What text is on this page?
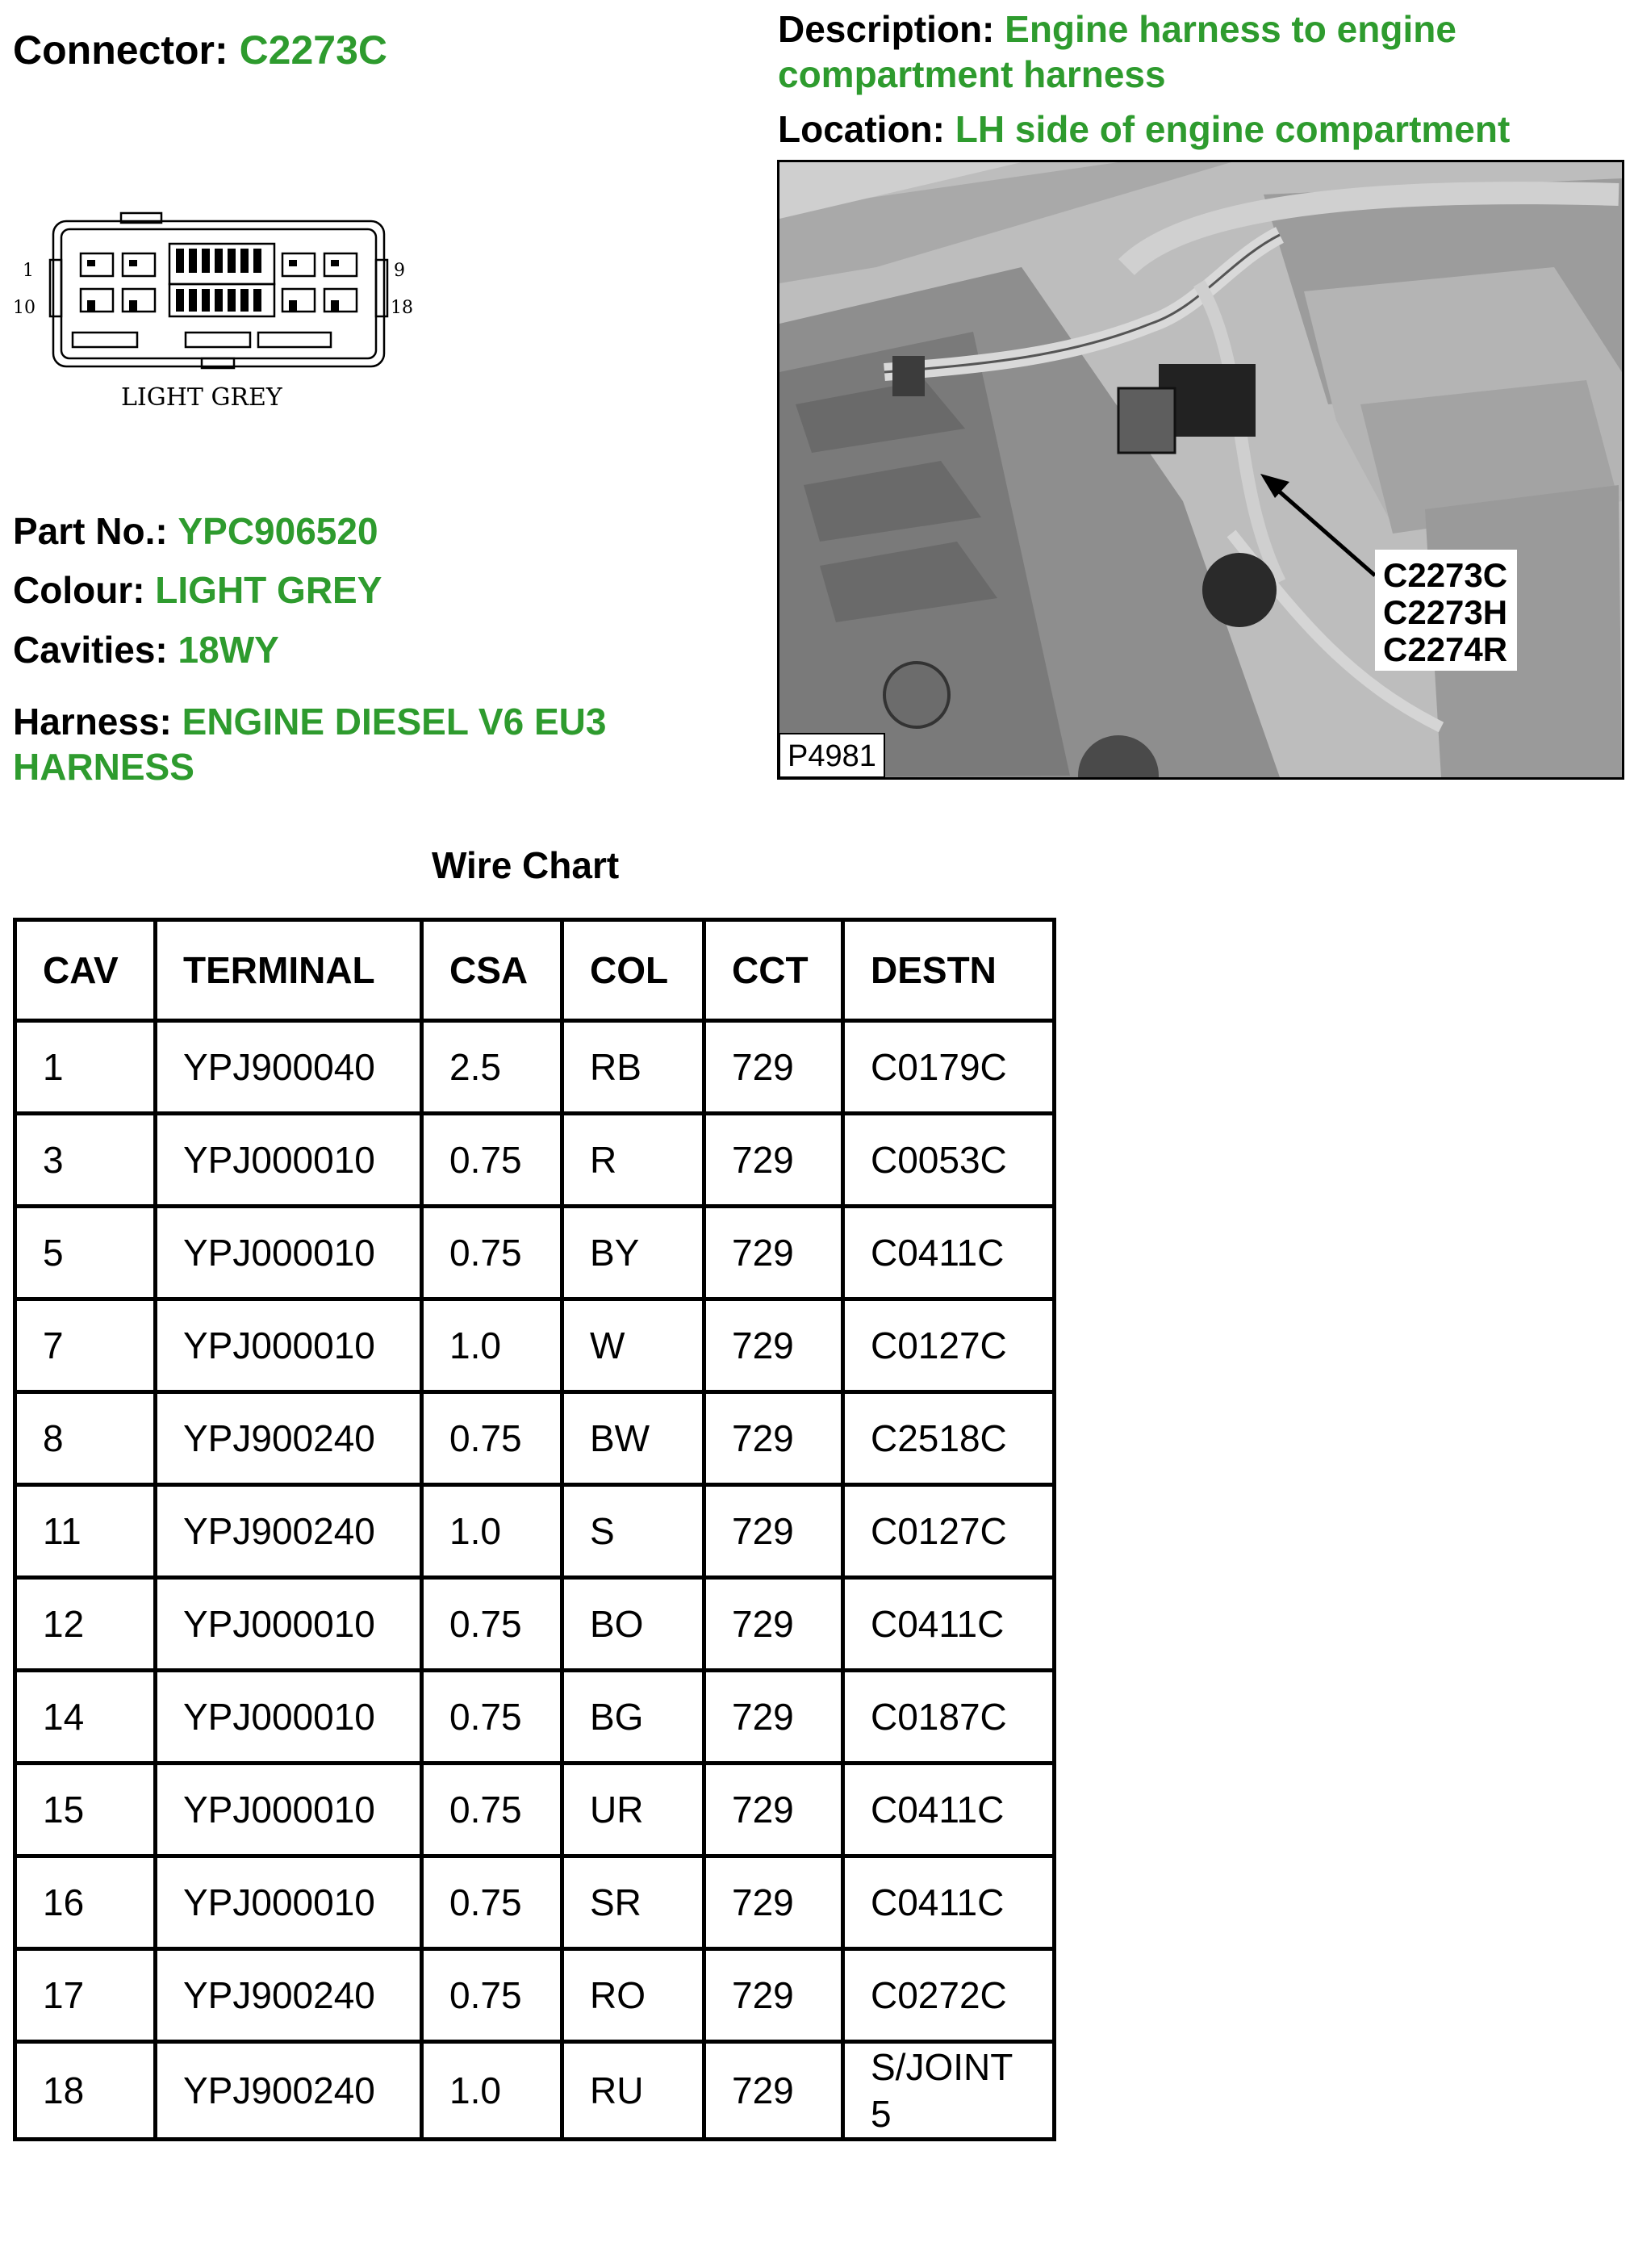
Connector: C2273C	Description: Engine harness to engine compartment harness
Location: LH side of engine compartment
1	9
10	18
LIGHT GREY
Part No.: YPC906520
Colour: LIGHT GREY
Cavities: 18WY
Harness: ENGINE DIESEL V6 EU3 HARNESS
C2273C
C2273H
C2274R
P4981
Wire Chart
CAV	TERMINAL	CSA	COL	CCT	DESTN
1	YPJ900040	2.5	RB	729	C0179C
3	YPJ000010	0.75	R	729	C0053C
5	YPJ000010	0.75	BY	729	C0411C
7	YPJ000010	1.0	W	729	C0127C
8	YPJ900240	0.75	BW	729	C2518C
11	YPJ900240	1.0	S	729	C0127C
12	YPJ000010	0.75	BO	729	C0411C
14	YPJ000010	0.75	BG	729	C0187C
15	YPJ000010	0.75	UR	729	C0411C
16	YPJ000010	0.75	SR	729	C0411C
17	YPJ900240	0.75	RO	729	C0272C
18	YPJ900240	1.0	RU	729	S/JOINT 5
